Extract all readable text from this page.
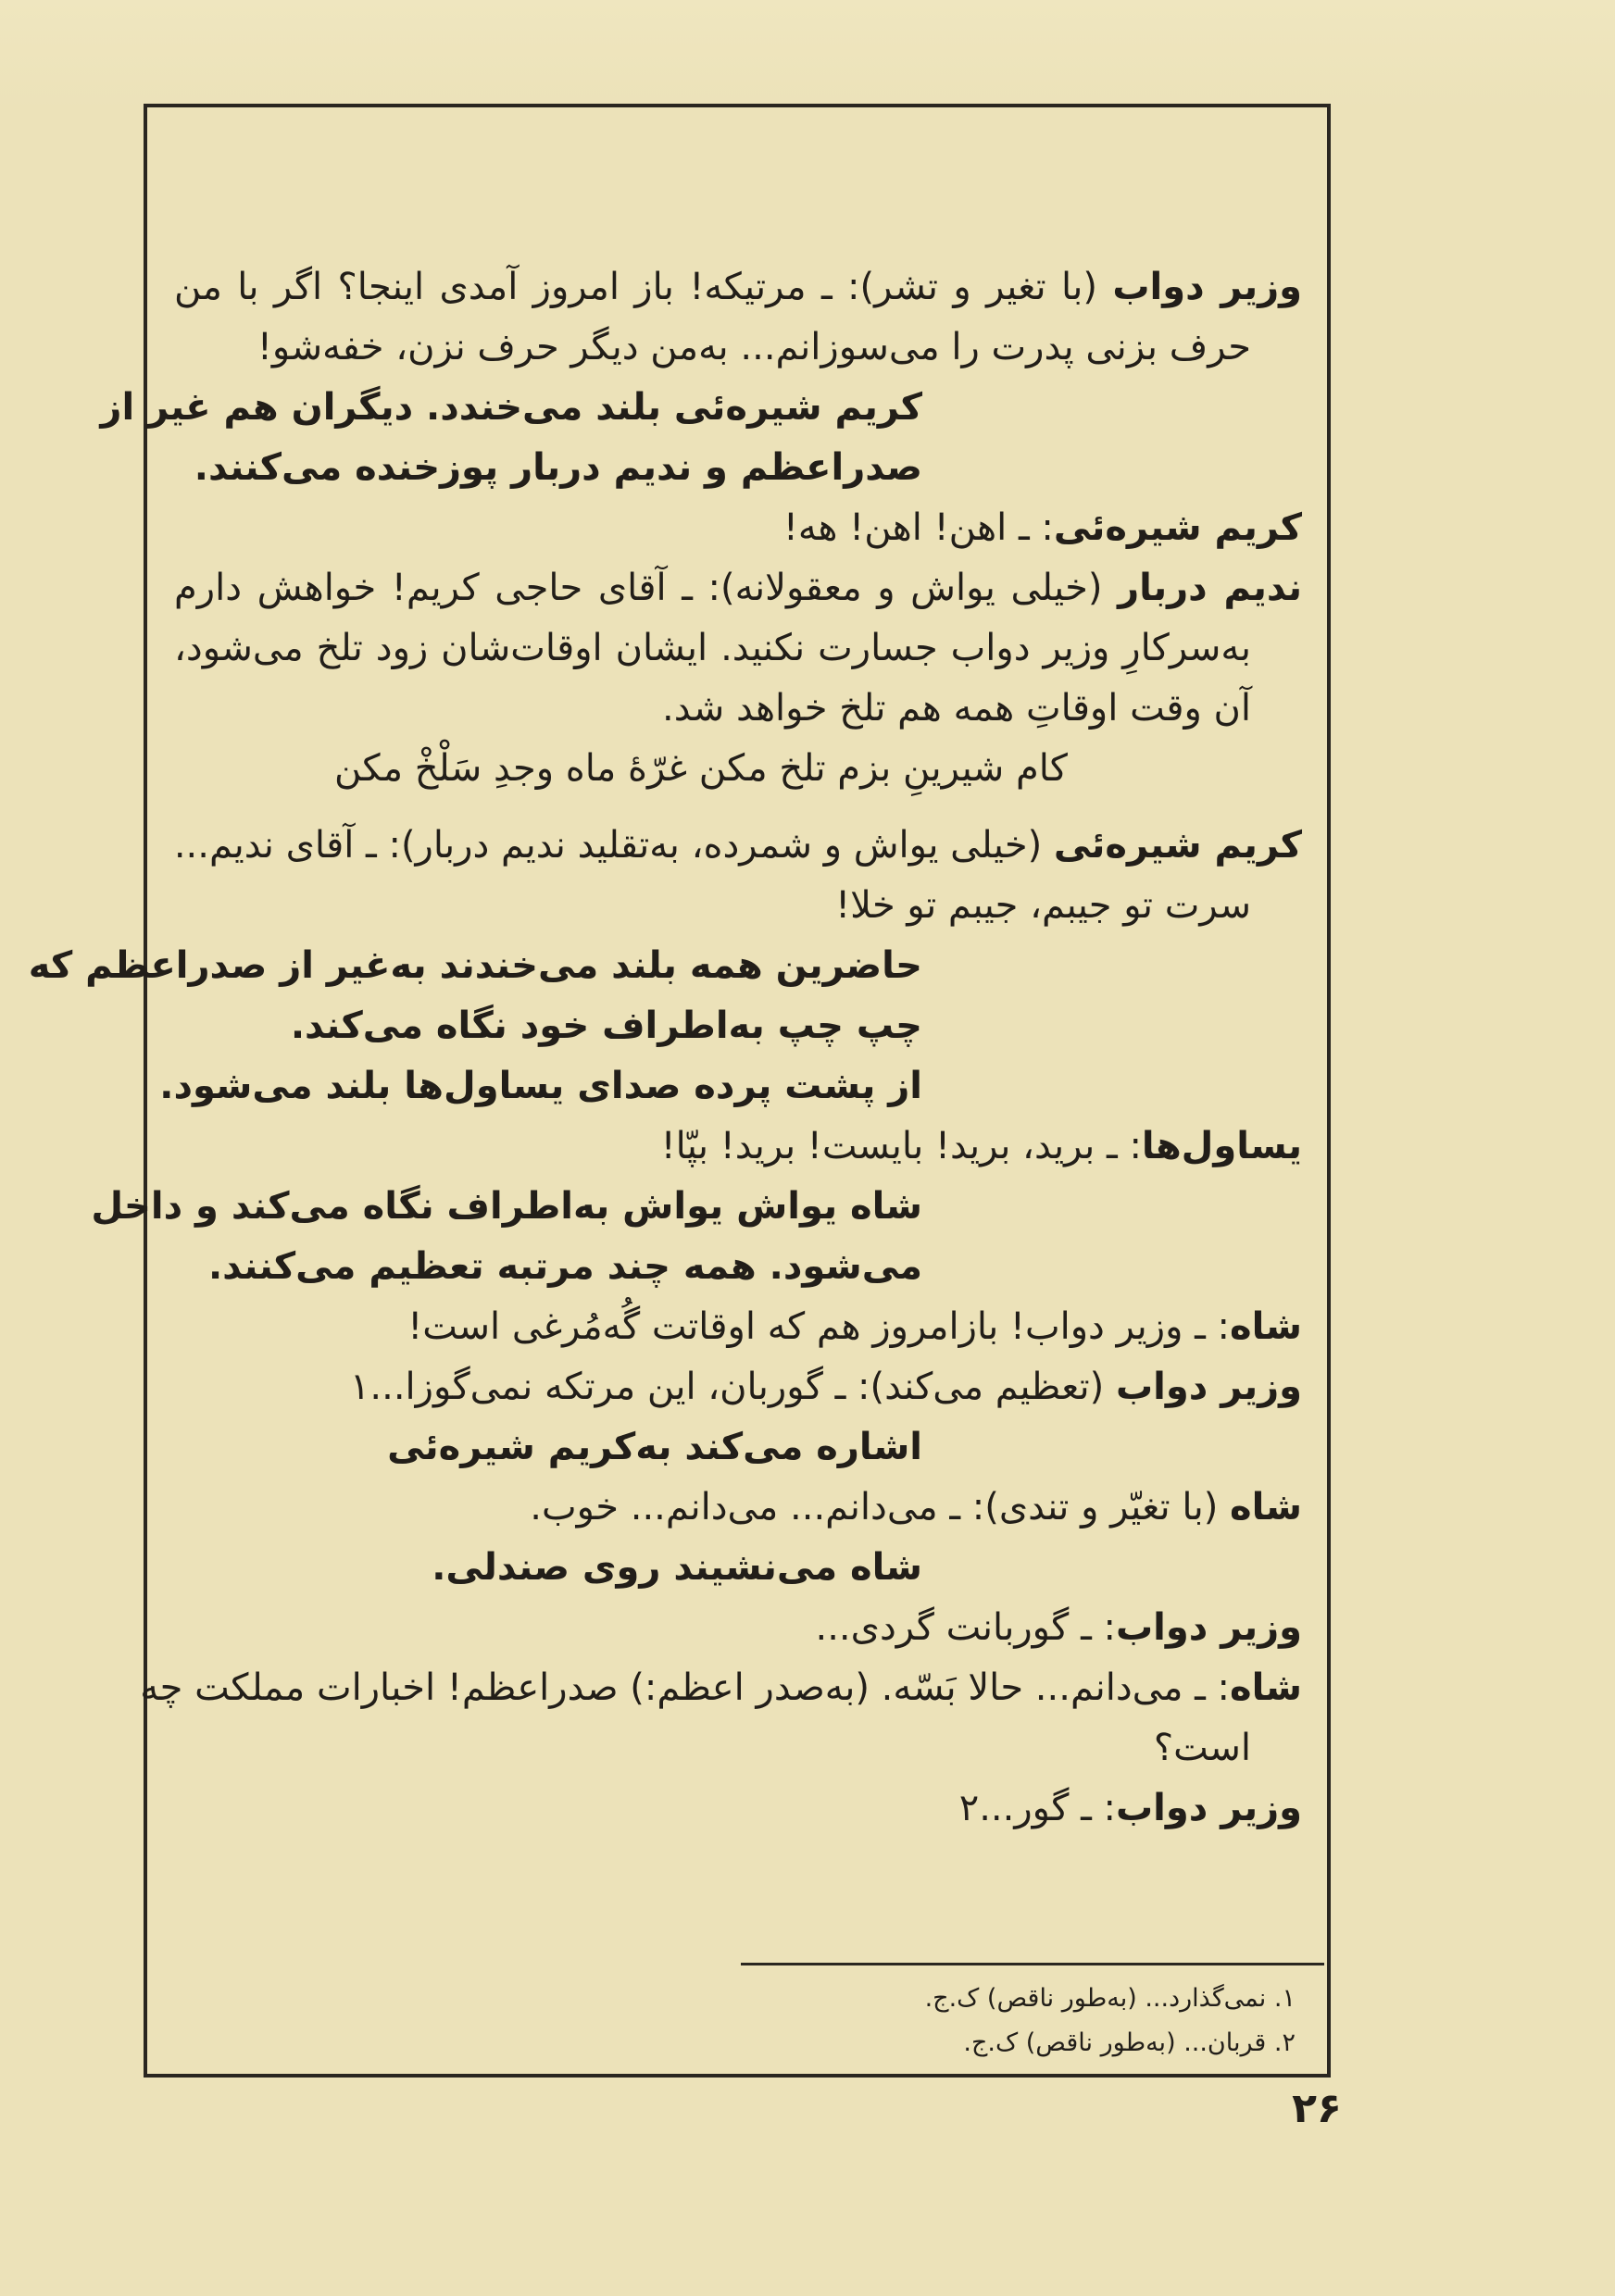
وزیر دواب (با تغیر و تشر): ـ مرتیکه! باز امروز آمدی اینجا؟ اگر با من
حرف بزنی پدرت را می‌سوزانم... به‌من دیگر حرف نزن، خفه‌شو!
کریم شیره‌ئی بلند می‌خندد. دیگران هم غیر از
صدراعظم و ندیم دربار پوزخنده می‌کنند.
کریم شیره‌ئی: ـ اهن! اهن! هه!
ندیم دربار (خیلی یواش و معقولانه): ـ آقای حاجی کریم! خواهش دارم
به‌سرکارِ وزیر دواب جسارت نکنید. ایشان اوقات‌شان زود تلخ می‌شود،
آن وقت اوقاتِ همه هم تلخ خواهد شد.
کام شیرینِ بزم تلخ مکن غرّهٔ ماه وجدِ سَلْخْ مکن
کریم شیره‌ئی (خیلی یواش و شمرده، به‌تقلید ندیم دربار): ـ آقای ندیم...
سرت تو جیبم، جیبم تو خلا!
حاضرین همه بلند می‌خندند به‌غیر از صدراعظم که
چپ چپ به‌اطراف خود نگاه می‌کند.
از پشت پرده صدای یساول‌ها بلند می‌شود.
یساول‌ها: ـ برید، برید! بایست! برید! بپّا!
شاه یواش یواش به‌اطراف نگاه می‌کند و داخل
می‌شود. همه چند مرتبه تعظیم می‌کنند.
شاه: ـ وزیر دواب! بازامروز هم که اوقاتت گُه‌مُرغی است!
وزیر دواب (تعظیم می‌کند): ـ گوربان، این مرتکه نمی‌گوزا...۱
اشاره می‌کند به‌کریم شیره‌ئی
شاه (با تغیّر و تندی): ـ می‌دانم... می‌دانم... خوب.
شاه می‌نشیند روی صندلی.
وزیر دواب: ـ گوربانت گردی...
شاه: ـ می‌دانم... حالا بَسّه. (به‌صدر اعظم:) صدراعظم! اخبارات مملکت چه
است؟
وزیر دواب: ـ گور...۲
۱. نمی‌گذارد... (به‌طور ناقص) ک.ج.
۲. قربان... (به‌طور ناقص) ک.ج.
۲۶
